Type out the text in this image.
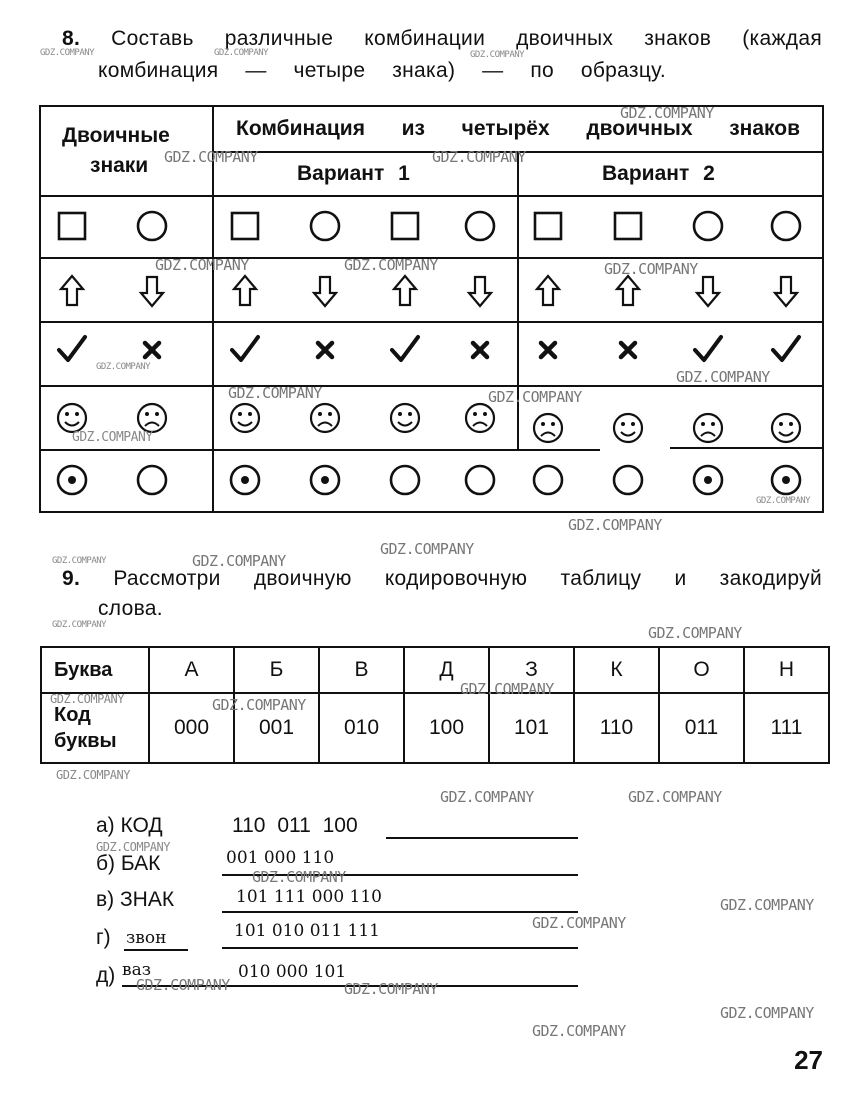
8. Составь различные комбинации двоичных знаков (каждая
комбинация — четыре знака) — по образцу.
Двоичные
знаки
Комбинация из четырёх двоичных знаков
Вариант 1	Вариант 2
9. Рассмотри двоичную кодировочную таблицу и закодируй
слова.
Буква	А	Б	В	Д	З	К	О	Н
Код
буквы	000	001	010	100	101	110	011	111
а) КОД	110 011 100
б) БАК	001 000 110
в) ЗНАК	101 111 000 110
г) звон	101 010 011 111
д) ваз	010 000 101
27
GDZ.COMPANY	GDZ.COMPANY	GDZ.COMPANY
GDZ.COMPANY
GDZ.COMPANY	GDZ.COMPANY
GDZ.COMPANY	GDZ.COMPANY	GDZ.COMPANY
GDZ.COMPANY
GDZ.COMPANY
GDZ.COMPANY	GDZ.COMPANY
GDZ.COMPANY
GDZ.COMPANY
GDZ.COMPANY
GDZ.COMPANY
GDZ.COMPANY	GDZ.COMPANY
GDZ.COMPANY	GDZ.COMPANY
GDZ.COMPANY
GDZ.COMPANY
GDZ.COMPANY
GDZ.COMPANY
GDZ.COMPANY	GDZ.COMPANY
GDZ.COMPANY
GDZ.COMPANY
GDZ.COMPANY
GDZ.COMPANY
GDZ.COMPANY	GDZ.COMPANY
GDZ.COMPANY
GDZ.COMPANY
